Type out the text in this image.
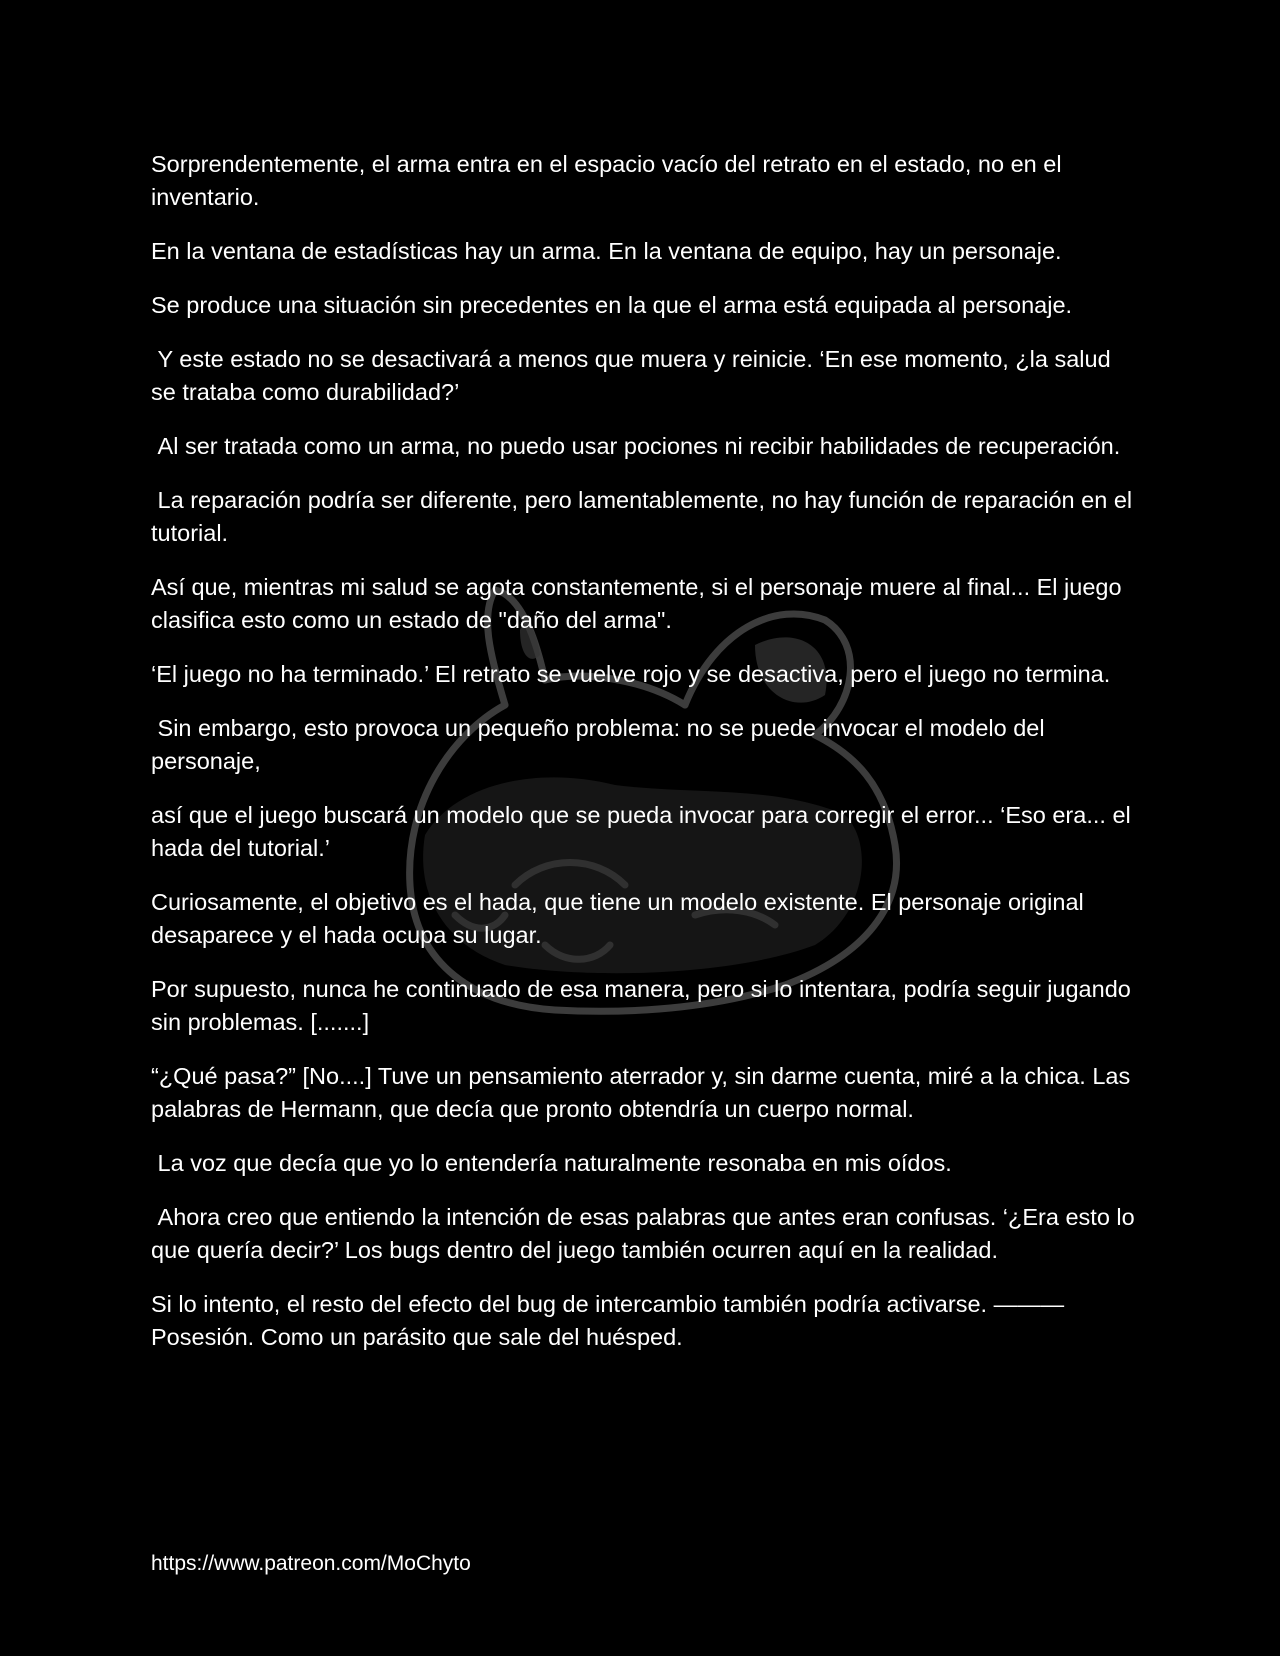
Sorprendentemente, el arma entra en el espacio vacío del retrato en el estado, no en el inventario.

En la ventana de estadísticas hay un arma. En la ventana de equipo, hay un personaje.

Se produce una situación sin precedentes en la que el arma está equipada al personaje.

Y este estado no se desactivará a menos que muera y reinicie. ‘En ese momento, ¿la salud se trataba como durabilidad?’

Al ser tratada como un arma, no puedo usar pociones ni recibir habilidades de recuperación.

La reparación podría ser diferente, pero lamentablemente, no hay función de reparación en el tutorial.

Así que, mientras mi salud se agota constantemente, si el personaje muere al final... El juego clasifica esto como un estado de "daño del arma".

‘El juego no ha terminado.’ El retrato se vuelve rojo y se desactiva, pero el juego no termina.

Sin embargo, esto provoca un pequeño problema: no se puede invocar el modelo del personaje,

así que el juego buscará un modelo que se pueda invocar para corregir el error... ‘Eso era... el hada del tutorial.’

Curiosamente, el objetivo es el hada, que tiene un modelo existente. El personaje original desaparece y el hada ocupa su lugar.

Por supuesto, nunca he continuado de esa manera, pero si lo intentara, podría seguir jugando sin problemas. [.......]

“¿Qué pasa?” [No....] Tuve un pensamiento aterrador y, sin darme cuenta, miré a la chica. Las palabras de Hermann, que decía que pronto obtendría un cuerpo normal.

La voz que decía que yo lo entendería naturalmente resonaba en mis oídos.

Ahora creo que entiendo la intención de esas palabras que antes eran confusas. ‘¿Era esto lo que quería decir?’ Los bugs dentro del juego también ocurren aquí en la realidad.

Si lo intento, el resto del efecto del bug de intercambio también podría activarse. ———Posesión. Como un parásito que sale del huésped.

https://www.patreon.com/MoChyto
